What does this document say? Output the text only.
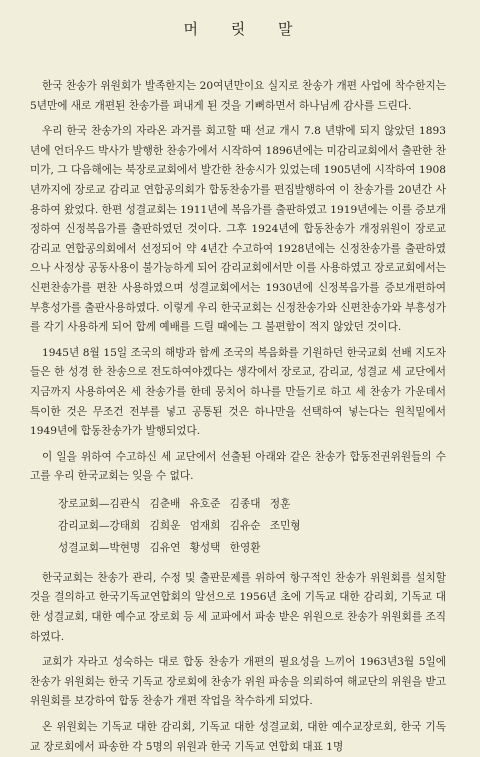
머 릿 말

한국 찬송가 위원회가 발족한지는 20여년만이요 실지로 찬송가 개편 사업에 착수한지는 5년만에 새로 개편된 찬송가를 펴내게 된 것을 기뻐하면서 하나님께 감사를 드린다.

우리 한국 찬송가의 자라온 과거를 회고할 때 선교 개시 7.8 년밖에 되지 않았던 1893년에 언더우드 박사가 발행한 찬송가에서 시작하여 1896년에는 미감리교회에서 출판한 찬미가, 그 다음해에는 북장로교회에서 발간한 찬송시가 있었는데 1905년에 시작하여 1908년까지에 장로교 감리교 연합공의회가 합동찬송가를 편집발행하여 이 찬송가를 20년간 사용하여 왔었다. 한편 성결교회는 1911년에 복음가를 출판하였고 1919년에는 이를 증보개정하여 신정복음가를 출판하였던 것이다. 그후 1924년에 합동찬송가 개정위원이 장로교 감리교 연합공의회에서 선정되어 약 4년간 수고하여 1928년에는 신정찬송가를 출판하였으나 사정상 공동사용이 불가능하게 되어 감리교회에서만 이를 사용하였고 장로교회에서는 신편찬송가를 편찬 사용하였으며 성결교회에서는 1930년에 신정복음가를 증보개편하여 부흥성가를 출판사용하였다. 이렇게 우리 한국교회는 신정찬송가와 신편찬송가와 부흥성가를 각기 사용하게 되어 합께 예배를 드릴 때에는 그 불편함이 적지 않았던 것이다.

1945년 8월 15일 조국의 해방과 함께 조국의 복음화를 기원하던 한국교회 선배 지도자들은 한 성경 한 찬송으로 전도하여야겠다는 생각에서 장로교, 감리교, 성결교 세 교단에서 지금까지 사용하여온 세 찬송가를 한데 뭉치어 하나를 만들기로 하고 세 찬송가 가운데서 특이한 것은 무조건 전부를 넣고 공통된 것은 하나만을 선택하여 넣는다는 원칙밑에서 1949년에 합동찬송가가 발행되었다.

이 일을 위하여 수고하신 세 교단에서 선출된 아래와 같은 찬송가 합동전권위원들의 수고를 우리 한국교회는 잊을 수 없다.

장로교회—김관식 김춘배 유호준 김종대 정훈
감리교회—강태희 김희운 엄재희 김유순 조민형
성결교회—박현명 김유연 황성택 한영환

한국교회는 찬송가 관리, 수정 및 출판문제를 위하여 항구적인 찬송가 위원회를 설치할 것을 결의하고 한국기독교연합회의 알선으로 1956년 초에 기독교 대한 감리회, 기독교 대한 성결교회, 대한 예수교 장로회 등 세 교파에서 파송 받은 위원으로 찬송가 위원회를 조직하였다.

교회가 자라고 성숙하는 대로 합동 찬송가 개편의 필요성을 느끼어 1963년3월 5일에 찬송가 위원회는 한국 기독교 장로회에 찬송가 위원 파송을 의뢰하여 해교단의 위원을 받고 위원회를 보강하여 합동 찬송가 개편 작업을 착수하게 되었다.

온 위원회는 기독교 대한 감리회, 기독교 대한 성결교회, 대한 예수교장로회, 한국 기독교 장로회에서 파송한 각 5명의 위원과 한국 기독교 연합회 대표 1명
